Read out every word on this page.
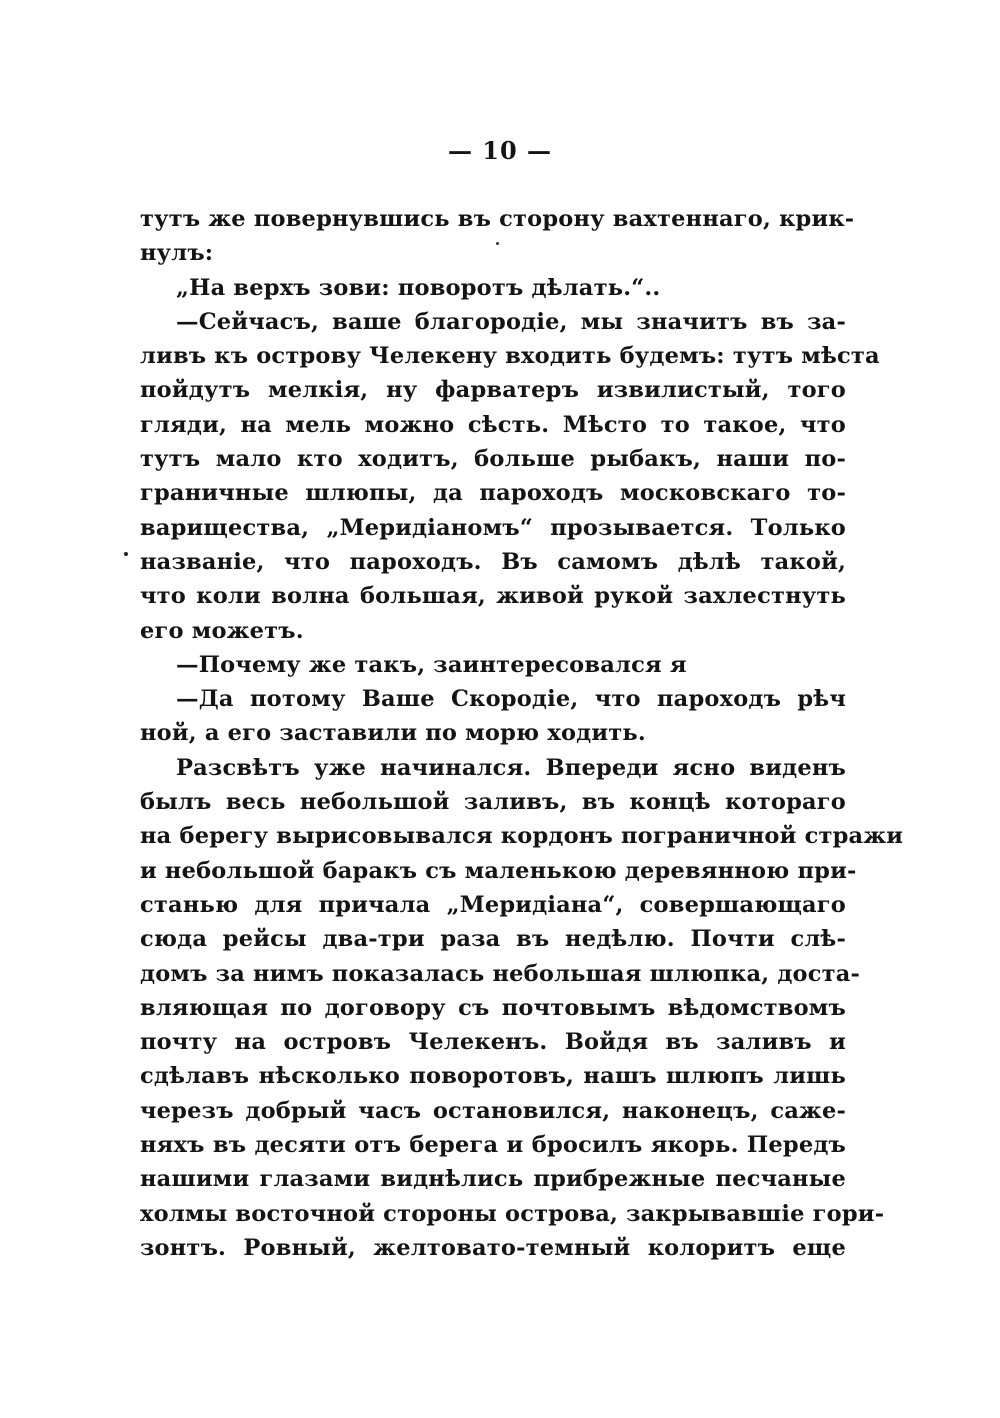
— 10 —
тутъ же повернувшись въ сторону вахтеннаго, крик-
нулъ:
„На верхъ зови: поворотъ дѣлать.“..
—Сейчасъ, ваше благородіе, мы значитъ въ за-
ливъ къ острову Челекену входить будемъ: тутъ мѣста
пойдутъ мелкія, ну фарватеръ извилистый, того
гляди, на мель можно сѣсть. Мѣсто то такое, что
тутъ мало кто ходитъ, больше рыбакъ, наши по-
граничные шлюпы, да пароходъ московскаго то-
варищества, „Меридіаномъ“ прозывается. Только
названіе, что пароходъ. Въ самомъ дѣлѣ такой,
что коли волна большая, живой рукой захлестнуть
его можетъ.
—Почему же такъ, заинтересовался я
—Да потому Ваше Скородіе, что пароходъ рѣч
ной, а его заставили по морю ходить.
Разсвѣтъ уже начинался. Впереди ясно виденъ
былъ весь небольшой заливъ, въ концѣ котораго
на берегу вырисовывался кордонъ пограничной стражи
и небольшой баракъ съ маленькою деревянною при-
станью для причала „Меридіана“, совершающаго
сюда рейсы два-три раза въ недѣлю. Почти слѣ-
домъ за нимъ показалась небольшая шлюпка, доста-
вляющая по договору съ почтовымъ вѣдомствомъ
почту на островъ Челекенъ. Войдя въ заливъ и
сдѣлавъ нѣсколько поворотовъ, нашъ шлюпъ лишь
черезъ добрый часъ остановился, наконецъ, саже-
няхъ въ десяти отъ берега и бросилъ якорь. Передъ
нашими глазами виднѣлись прибрежные песчаные
холмы восточной стороны острова, закрывавшіе гори-
зонтъ. Ровный, желтовато-темный колоритъ еще
